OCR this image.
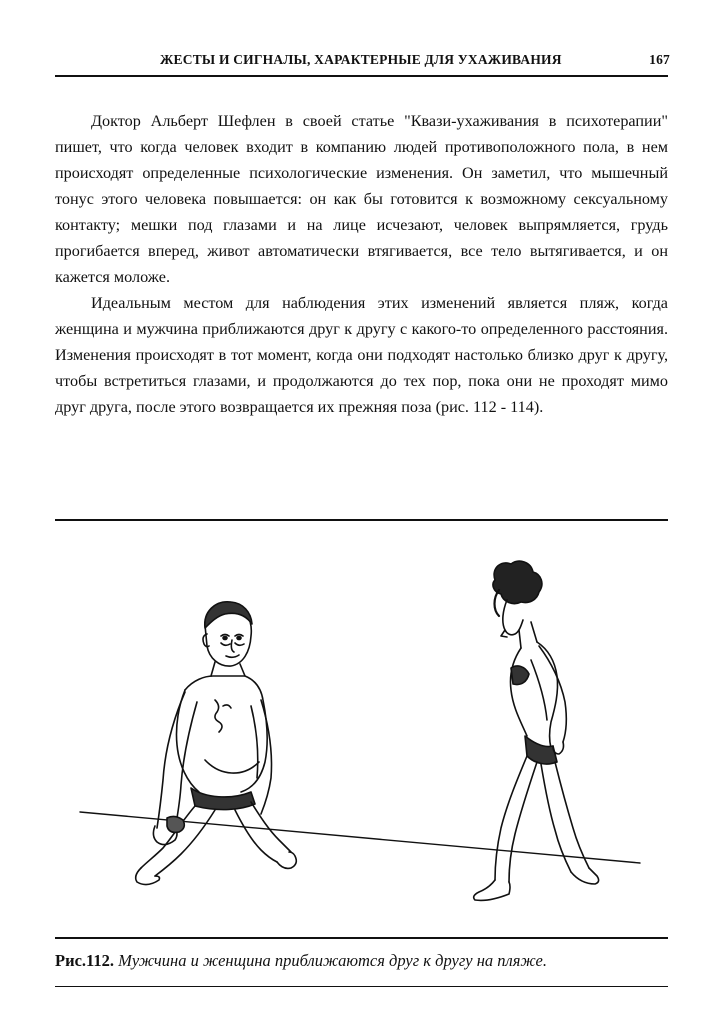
ЖЕСТЫ И СИГНАЛЫ, ХАРАКТЕРНЫЕ ДЛЯ УХАЖИВАНИЯ	167

Доктор Альберт Шефлен в своей статье "Квази-ухаживания в психотерапии" пишет, что когда человек входит в компанию людей противоположного пола, в нем происходят определенные психологические изменения. Он заметил, что мышечный тонус этого человека повышается: он как бы готовится к возможному сексуальному контакту; мешки под глазами и на лице исчезают, человек выпрямляется, грудь прогибается вперед, живот автоматически втягивается, все тело вытягивается, и он кажется моложе.

Идеальным местом для наблюдения этих изменений является пляж, когда женщина и мужчина приближаются друг к другу с какого-то определенного расстояния. Изменения происходят в тот момент, когда они подходят настолько близко друг к другу, чтобы встретиться глазами, и продолжаются до тех пор, пока они не проходят мимо друг друга, после этого возвращается их прежняя поза (рис. 112 - 114).

Рис.112. Мужчина и женщина приближаются друг к другу на пляже.
